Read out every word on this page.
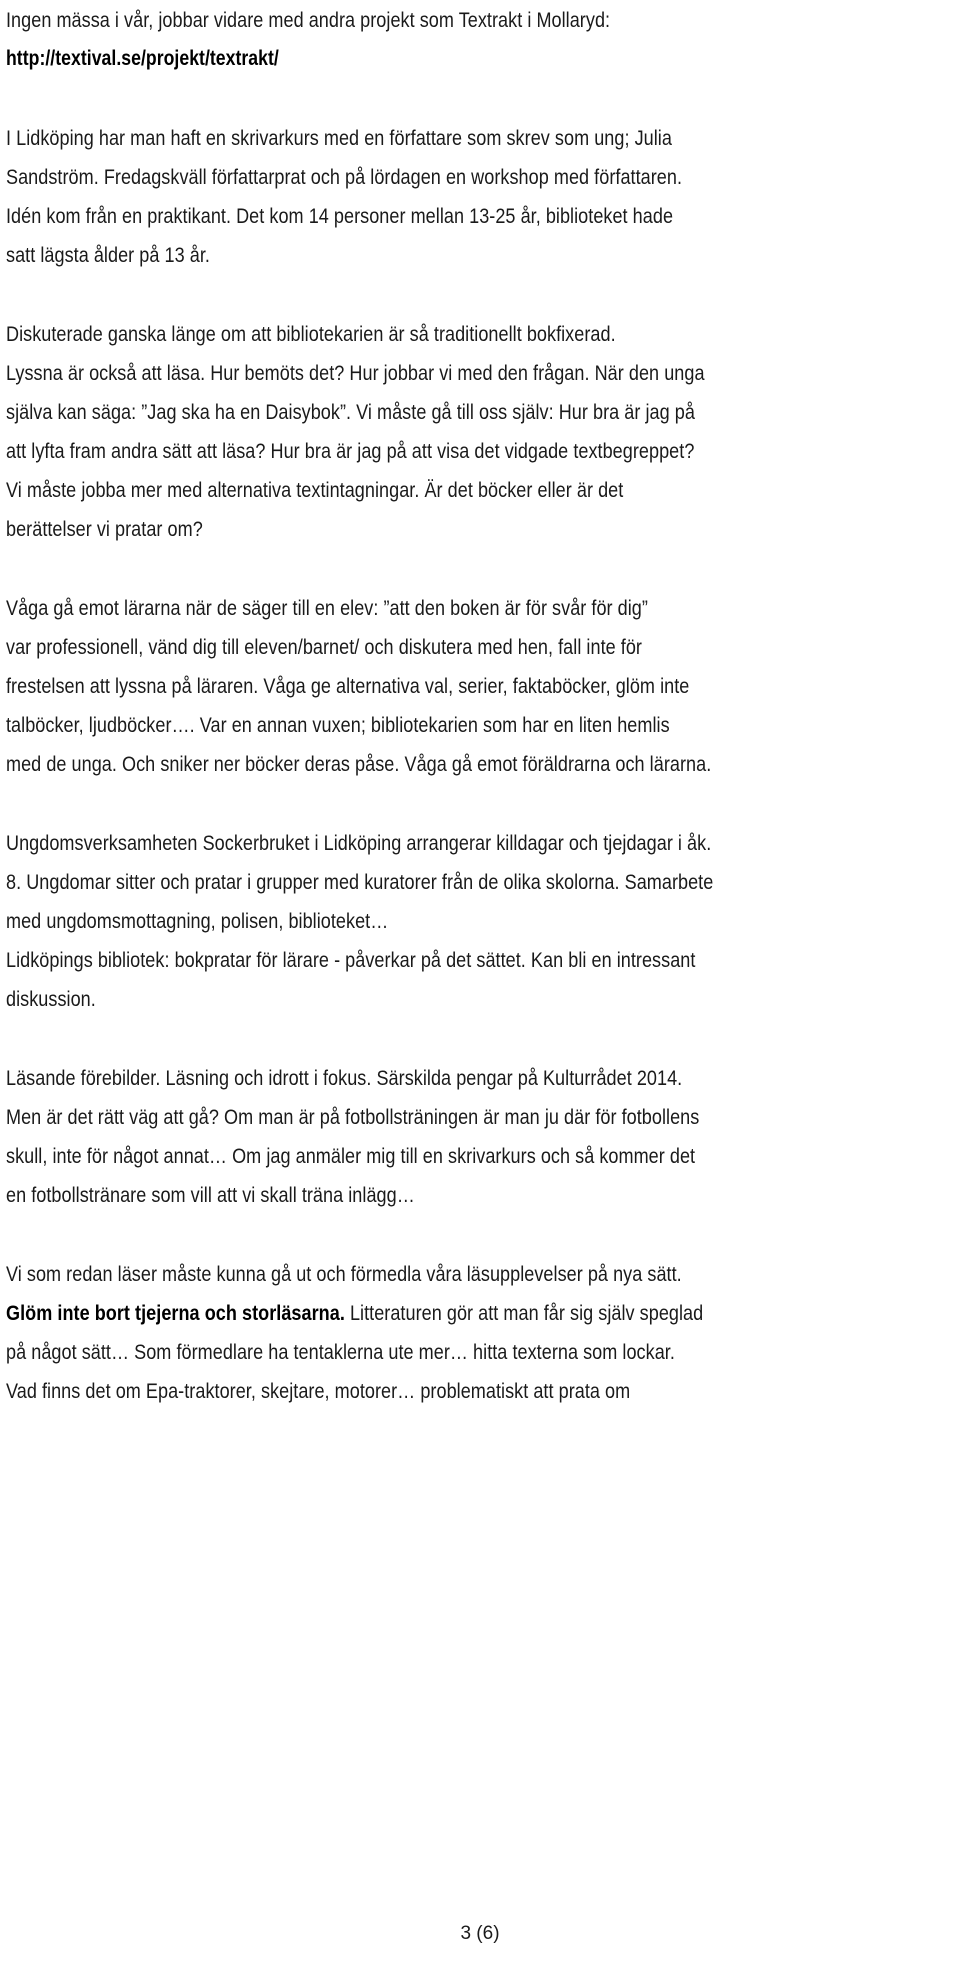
Ingen mässa i vår, jobbar vidare med andra projekt som Textrakt i Mollaryd:
http://textival.se/projekt/textrakt/
I Lidköping har man haft en skrivarkurs med en författare som skrev som ung; Julia
Sandström. Fredagskväll författarprat och på lördagen en workshop med författaren.
Idén kom från en praktikant. Det kom 14 personer mellan 13-25 år, biblioteket hade
satt lägsta ålder på 13 år.
Diskuterade ganska länge om att bibliotekarien är så traditionellt bokfixerad.
Lyssna är också att läsa. Hur bemöts det? Hur jobbar vi med den frågan. När den unga
själva kan säga: ”Jag ska ha en Daisybok”. Vi måste gå till oss själv: Hur bra är jag på
att lyfta fram andra sätt att läsa? Hur bra är jag på att visa det vidgade textbegreppet?
Vi måste jobba mer med alternativa textintagningar. Är det böcker eller är det
berättelser vi pratar om?
Våga gå emot lärarna när de säger till en elev: ”att den boken är för svår för dig”
var professionell, vänd dig till eleven/barnet/ och diskutera med hen, fall inte för
frestelsen att lyssna på läraren. Våga ge alternativa val, serier, faktaböcker, glöm inte
talböcker, ljudböcker…. Var en annan vuxen; bibliotekarien som har en liten hemlis
med de unga. Och sniker ner böcker deras påse. Våga gå emot föräldrarna och lärarna.
Ungdomsverksamheten Sockerbruket i Lidköping arrangerar killdagar och tjejdagar i åk.
8. Ungdomar sitter och pratar i grupper med kuratorer från de olika skolorna. Samarbete
med ungdomsmottagning, polisen, biblioteket…
Lidköpings bibliotek: bokpratar för lärare - påverkar på det sättet. Kan bli en intressant
diskussion.
Läsande förebilder. Läsning och idrott i fokus. Särskilda pengar på Kulturrådet 2014.
Men är det rätt väg att gå? Om man är på fotbollsträningen är man ju där för fotbollens
skull, inte för något annat… Om jag anmäler mig till en skrivarkurs och så kommer det
en fotbollstränare som vill att vi skall träna inlägg…
Vi som redan läser måste kunna gå ut och förmedla våra läsupplevelser på nya sätt.
Glöm inte bort tjejerna och storläsarna. Litteraturen gör att man får sig själv speglad
på något sätt… Som förmedlare ha tentaklerna ute mer… hitta texterna som lockar.
Vad finns det om Epa-traktorer, skejtare, motorer… problematiskt att prata om
3 (6)
